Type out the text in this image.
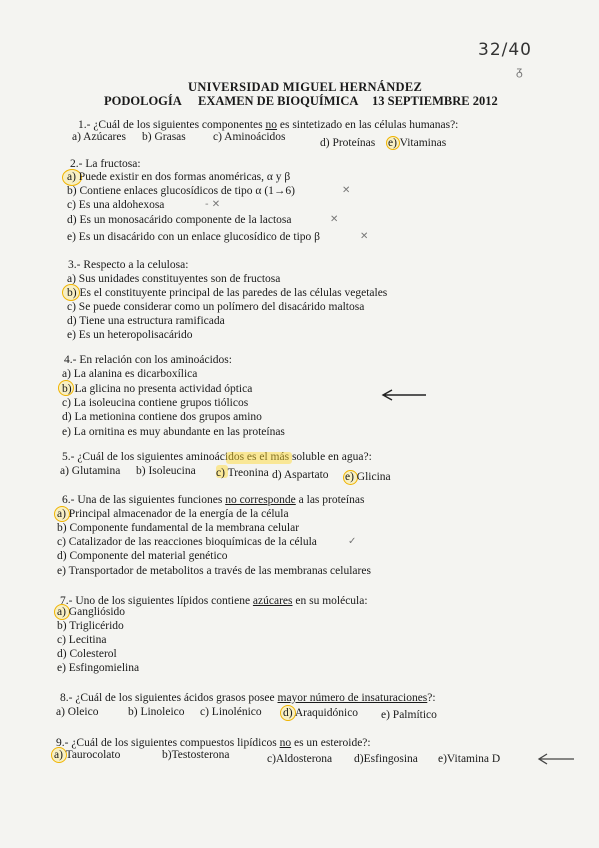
32/40
ᵹ
UNIVERSIDAD MIGUEL HERNÁNDEZ
PODOLOGÍA EXAMEN DE BIOQUÍMICA 13 SEPTIEMBRE 2012
1.- ¿Cuál de los siguientes componentes no es sintetizado en las células humanas?:
a) Azúcares b) Grasas c) Aminoácidos	d) Proteínas e) Vitaminas
2.- La fructosa:
a) Puede existir en dos formas anoméricas, α y β
b) Contiene enlaces glucosídicos de tipo α (1→6)
c) Es una aldohexosa
d) Es un monosacárido componente de la lactosa
e) Es un disacárido con un enlace glucosídico de tipo β
✕
- ✕
✕
✕
3.- Respecto a la celulosa:
a) Sus unidades constituyentes son de fructosa
b) Es el constituyente principal de las paredes de las células vegetales
c) Se puede considerar como un polímero del disacárido maltosa
d) Tiene una estructura ramificada
e) Es un heteropolisacárido
4.- En relación con los aminoácidos:
a) La alanina es dicarboxílica
b) La glicina no presenta actividad óptica
c) La isoleucina contiene grupos tiólicos
d) La metionina contiene dos grupos amino
e) La ornitina es muy abundante en las proteínas
5.- ¿Cuál de los siguientes aminoácidos es el más soluble en agua?:
a) Glutamina b) Isoleucina c) Treonina d) Aspartato e) Glicina
6.- Una de las siguientes funciones no corresponde a las proteínas
a) Principal almacenador de la energía de la célula
b) Componente fundamental de la membrana celular
c) Catalizador de las reacciones bioquímicas de la célula
d) Componente del material genético
e) Transportador de metabolitos a través de las membranas celulares
✓
7.- Uno de los siguientes lípidos contiene azúcares en su molécula:
a) Gangliósido
b) Triglicérido
c) Lecitina
d) Colesterol
e) Esfingomielina
8.- ¿Cuál de los siguientes ácidos grasos posee mayor número de insaturaciones?:
a) Oleico	b) Linoleico c) Linolénico d) Araquidónico e) Palmítico
9.- ¿Cuál de los siguientes compuestos lipídicos no es un esteroide?:
a) Taurocolato	b)Testosterona	c)Aldosterona d)Esfingosina e)Vitamina D
